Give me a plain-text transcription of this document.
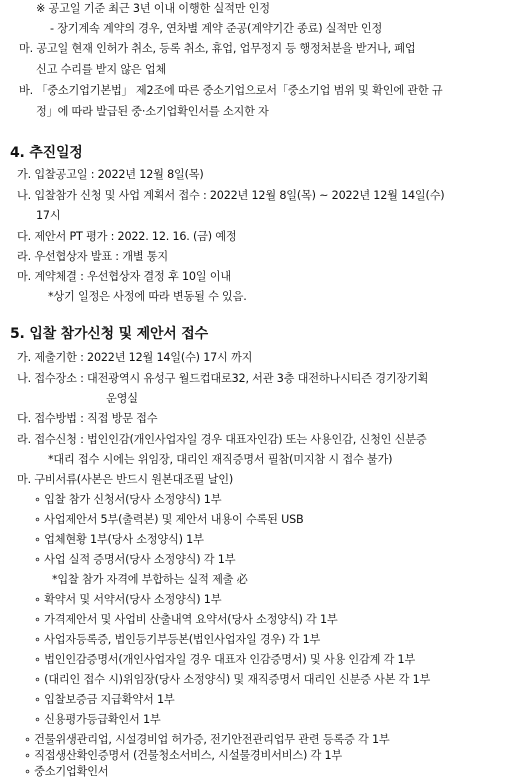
※ 공고일 기준 최근 3년 이내 이행한 실적만 인정
- 장기계속 계약의 경우, 연차별 계약 준공(계약기간 종료) 실적만 인정
마. 공고일 현재 인허가 취소, 등록 취소, 휴업, 업무정지 등 행정처분을 받거나, 폐업
신고 수리를 받지 않은 업체
바. 「중소기업기본법」 제2조에 따른 중소기업으로서「중소기업 범위 및 확인에 관한 규
정」에 따라 발급된 중·소기업확인서를 소지한 자
4. 추진일정
가. 입찰공고일 : 2022년 12월 8일(목)
나. 입찰참가 신청 및 사업 계획서 접수 : 2022년 12월 8일(목) ~ 2022년 12월 14일(수)
17시
다. 제안서 PT 평가 : 2022. 12. 16. (금) 예정
라. 우선협상자 발표 : 개별 통지
마. 계약체결 : 우선협상자 결정 후 10일 이내
*상기 일정은 사정에 따라 변동될 수 있음.
5. 입찰 참가신청 및 제안서 접수
가. 제출기한 : 2022년 12월 14일(수) 17시 까지
나. 접수장소 : 대전광역시 유성구 월드컵대로32, 서관 3층 대전하나시티즌 경기장기획
운영실
다. 접수방법 : 직접 방문 접수
라. 접수신청 : 법인인감(개인사업자일 경우 대표자인감) 또는 사용인감, 신청인 신분증
*대리 접수 시에는 위임장, 대리인 재직증명서 필참(미지참 시 접수 불가)
마. 구비서류(사본은 반드시 원본대조필 날인)
∘ 입찰 참가 신청서(당사 소정양식) 1부
∘ 사업제안서 5부(출력본) 및 제안서 내용이 수록된 USB
∘ 업체현황 1부(당사 소정양식) 1부
∘ 사업 실적 증명서(당사 소정양식) 각 1부
*입찰 참가 자격에 부합하는 실적 제출 必
∘ 확약서 및 서약서(당사 소정양식) 1부
∘ 가격제안서 및 사업비 산출내역 요약서(당사 소정양식) 각 1부
∘ 사업자등록증, 법인등기부등본(법인사업자일 경우) 각 1부
∘ 법인인감증명서(개인사업자일 경우 대표자 인감증명서) 및 사용 인감계 각 1부
∘ (대리인 접수 시)위임장(당사 소정양식) 및 재직증명서 대리인 신분증 사본 각 1부
∘ 입찰보증금 지급확약서 1부
∘ 신용평가등급확인서 1부
∘ 건물위생관리업, 시설경비업 허가증, 전기안전관리업무 관련 등록증 각 1부
∘ 직접생산확인증명서 (건물청소서비스, 시설물경비서비스) 각 1부
∘ 중소기업확인서
